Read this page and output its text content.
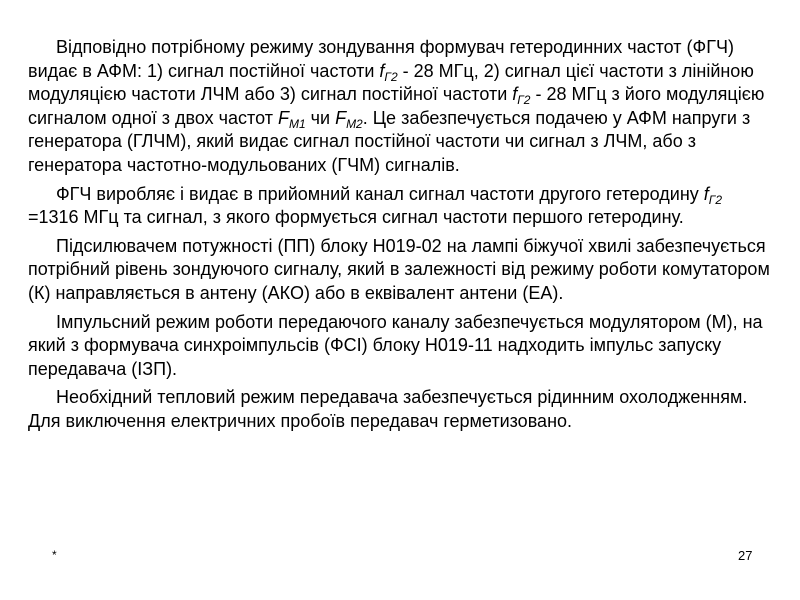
Відповідно потрібному режиму зондування формувач гетеродинних частот (ФГЧ) видає в АФМ: 1) сигнал постійної частоти $f_{Г2} - 28$ МГц, 2) сигнал цієї частоти з лінійною модуляцією частоти ЛЧМ або 3) сигнал постійної частоти $f_{Г2} - 28$ МГц з його модуляцією сигналом одної з двох частот $F_{M1}$ чи $F_{M2}$. Це забезпечується подачею у АФМ напруги з генератора (ГЛЧМ), який видає сигнал постійної частоти чи сигнал з ЛЧМ, або з генератора частотно-модульованих (ГЧМ) сигналів.

ФГЧ виробляє і видає в прийомний канал сигнал частоти другого гетеродину $f_{Г2} =1316$ МГц та сигнал, з якого формується сигнал частоти першого гетеродину.

Підсилювачем потужності (ПП) блоку Н019-02 на лампі біжучої хвилі забезпечується потрібний рівень зондуючого сигналу, який в залежності від режиму роботи комутатором (К) направляється в антену (АКО) або в еквівалент антени (ЕА).

Імпульсний режим роботи передаючого каналу забезпечується модулятором (М), на який з формувача синхроімпульсів (ФСІ) блоку Н019-11 надходить імпульс запуску передавача (ІЗП).

Необхідний тепловий режим передавача забезпечується рідинним охолодженням. Для виключення електричних пробоїв передавач герметизовано.

*	27
